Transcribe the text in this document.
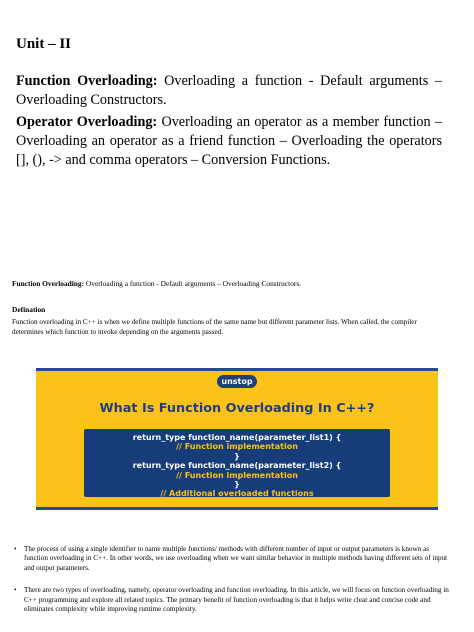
Unit – II

Function Overloading: Overloading a function - Default arguments – Overloading Constructors.

Operator Overloading: Overloading an operator as a member function – Overloading an operator as a friend function – Overloading the operators [], (), -> and comma operators – Conversion Functions.

Function Overloading: Overloading a function - Default arguments – Overloading Constructors.

Defination

Function overloading in C++ is when we define multiple functions of the same name but different parameter lists. When called, the compiler determines which function to invoke depending on the arguments passed.

unstop

What Is Function Overloading In C++?

return_type function_name(parameter_list1) {
// Function implementation
}
return_type function_name(parameter_list2) {
// Function implementation
}
// Additional overloaded functions
• The process of using a single identifier to name multiple functions/ methods with different number of input or output parameters is known as function overloading in C++. In other words, we use overloading when we want similar behavior in multiple methods having different sets of input and output parameters.
• There are two types of overloading, namely, operator overloading and function overloading. In this article, we will focus on function overloading in C++ programming and explore all related topics. The primary benefit of function overloading is that it helps write clear and concise code and eliminates complexity while improving runtime complexity.
